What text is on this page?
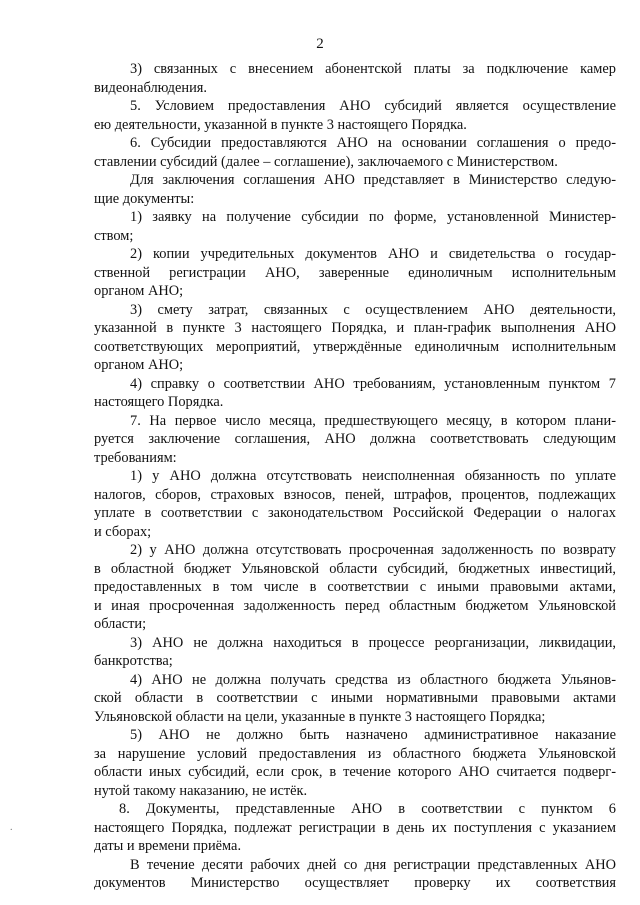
2
3) связанных с внесением абонентской платы за подключение камер
видеонаблюдения.
5. Условием предоставления АНО субсидий является осуществление
ею деятельности, указанной в пункте 3 настоящего Порядка.
6. Субсидии предоставляются АНО на основании соглашения о предо-
ставлении субсидий (далее – соглашение), заключаемого с Министерством.
Для заключения соглашения АНО представляет в Министерство следую-
щие документы:
1) заявку на получение субсидии по форме, установленной Министер-
ством;
2) копии учредительных документов АНО и свидетельства о государ-
ственной регистрации АНО, заверенные единоличным исполнительным
органом АНО;
3) смету затрат, связанных с осуществлением АНО деятельности,
указанной в пункте 3 настоящего Порядка, и план-график выполнения АНО
соответствующих мероприятий, утверждённые единоличным исполнительным
органом АНО;
4) справку о соответствии АНО требованиям, установленным пунктом 7
настоящего Порядка.
7. На первое число месяца, предшествующего месяцу, в котором плани-
руется заключение соглашения, АНО должна соответствовать следующим
требованиям:
1) у АНО должна отсутствовать неисполненная обязанность по уплате
налогов, сборов, страховых взносов, пеней, штрафов, процентов, подлежащих
уплате в соответствии с законодательством Российской Федерации о налогах
и сборах;
2) у АНО должна отсутствовать просроченная задолженность по возврату
в областной бюджет Ульяновской области субсидий, бюджетных инвестиций,
предоставленных в том числе в соответствии с иными правовыми актами,
и иная просроченная задолженность перед областным бюджетом Ульяновской
области;
3) АНО не должна находиться в процессе реорганизации, ликвидации,
банкротства;
4) АНО не должна получать средства из областного бюджета Ульянов-
ской области в соответствии с иными нормативными правовыми актами
Ульяновской области на цели, указанные в пункте 3 настоящего Порядка;
5) АНО не должно быть назначено административное наказание
за нарушение условий предоставления из областного бюджета Ульяновской
области иных субсидий, если срок, в течение которого АНО считается подверг-
нутой такому наказанию, не истёк.
8. Документы, представленные АНО в соответствии с пунктом 6
настоящего Порядка, подлежат регистрации в день их поступления с указанием
даты и времени приёма.
В течение десяти рабочих дней со дня регистрации представленных АНО
документов Министерство осуществляет проверку их соответствия
.
